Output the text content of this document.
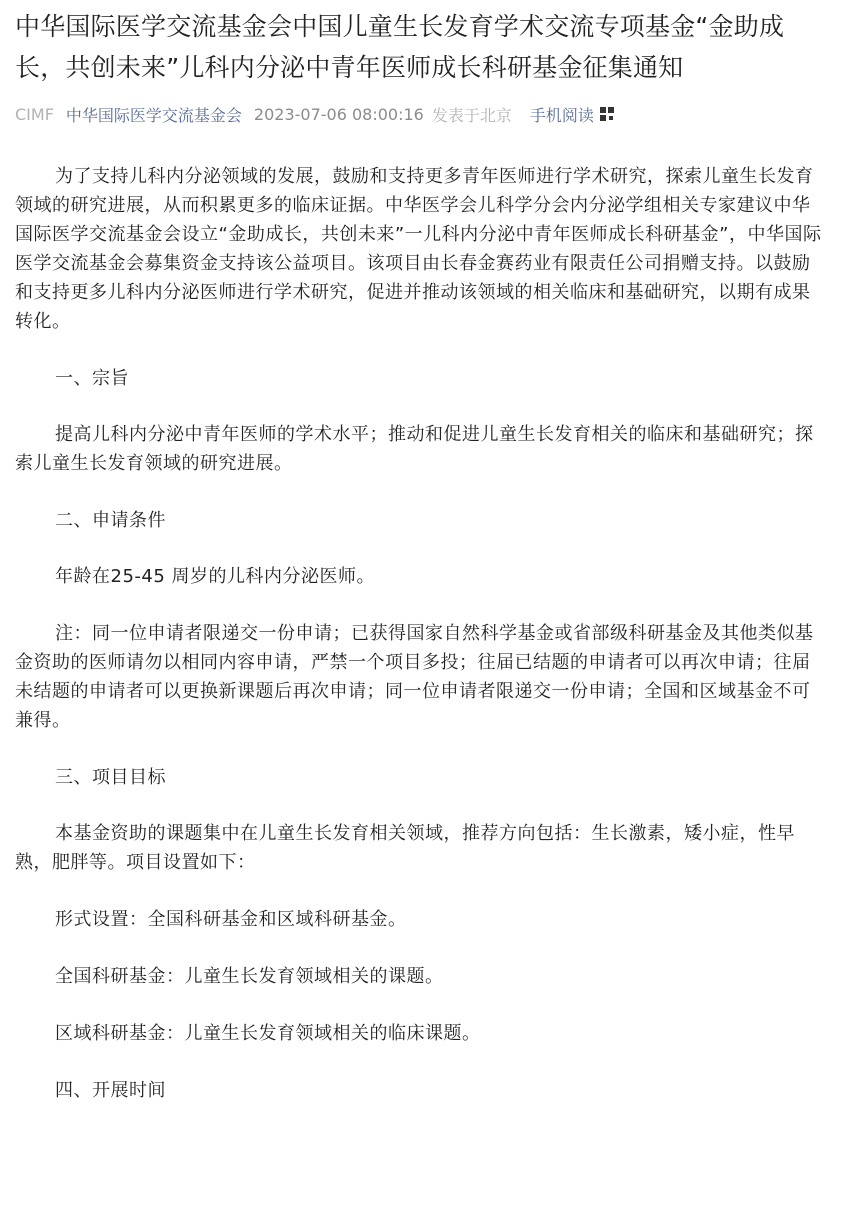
中华国际医学交流基金会中国儿童生长发育学术交流专项基金“金助成长，共创未来”儿科内分泌中青年医师成长科研基金征集通知
CIMF 中华国际医学交流基金会 2023-07-06 08:00:16 发表于北京 手机阅读

为了支持儿科内分泌领域的发展，鼓励和支持更多青年医师进行学术研究，探索儿童生长发育领域的研究进展，从而积累更多的临床证据。中华医学会儿科学分会内分泌学组相关专家建议中华国际医学交流基金会设立“金助成长，共创未来”一儿科内分泌中青年医师成长科研基金”，中华国际医学交流基金会募集资金支持该公益项目。该项目由长春金赛药业有限责任公司捐赠支持。以鼓励和支持更多儿科内分泌医师进行学术研究，促进并推动该领域的相关临床和基础研究，以期有成果转化。

一、宗旨

提高儿科内分泌中青年医师的学术水平；推动和促进儿童生长发育相关的临床和基础研究；探索儿童生长发育领域的研究进展。

二、申请条件

年龄在25-45 周岁的儿科内分泌医师。

注：同一位申请者限递交一份申请；已获得国家自然科学基金或省部级科研基金及其他类似基金资助的医师请勿以相同内容申请，严禁一个项目多投；往届已结题的申请者可以再次申请；往届未结题的申请者可以更换新课题后再次申请；同一位申请者限递交一份申请；全国和区域基金不可兼得。

三、项目目标

本基金资助的课题集中在儿童生长发育相关领域，推荐方向包括：生长激素，矮小症，性早熟，肥胖等。项目设置如下：

形式设置：全国科研基金和区域科研基金。

全国科研基金：儿童生长发育领域相关的课题。

区域科研基金：儿童生长发育领域相关的临床课题。

四、开展时间
